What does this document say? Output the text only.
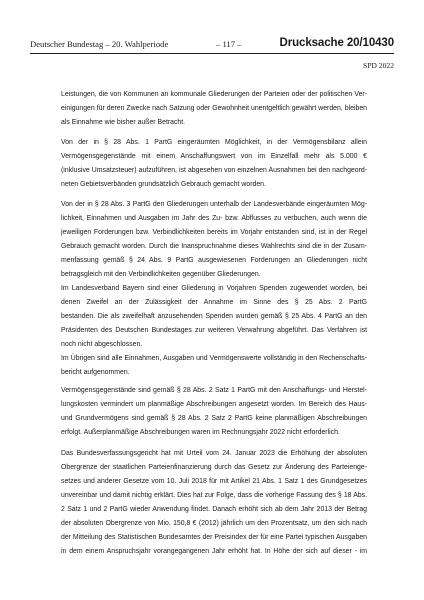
Deutscher Bundestag – 20. Wahlperiode	– 117 –	Drucksache 20/10430
SPD 2022
Leistungen, die von Kommunen an kommunale Gliederungen der Parteien oder der politischen Ver-
einigungen für deren Zwecke nach Satzung oder Gewohnheit unentgeltlich gewährt werden, bleiben
als Einnahme wie bisher außer Betracht.
Von der in § 28 Abs. 1 PartG eingeräumten Möglichkeit, in der Vermögensbilanz allein
Vermögensgegenstände mit einem Anschaffungswert von im Einzelfall mehr als 5.000 €
(inklusive Umsatzsteuer) aufzuführen, ist abgesehen von einzelnen Ausnahmen bei den nachgeord-
neten Gebietsverbänden grundsätzlich Gebrauch gemacht worden.
Von der in § 28 Abs. 3 PartG den Gliederungen unterhalb der Landesverbände eingeräumten Mög-
lichkeit, Einnahmen und Ausgaben im Jahr des Zu- bzw. Abflusses zu verbuchen, auch wenn die
jeweiligen Forderungen bzw. Verbindlichkeiten bereits im Vorjahr entstanden sind, ist in der Regel
Gebrauch gemacht worden. Durch die Inanspruchnahme dieses Wahlrechts sind die in der Zusam-
menfassung gemäß § 24 Abs. 9 PartG ausgewiesenen Forderungen an Gliederungen nicht
betragsgleich mit den Verbindlichkeiten gegenüber Gliederungen.
Im Landesverband Bayern sind einer Gliederung in Vorjahren Spenden zugewendet worden, bei
denen Zweifel an der Zulässigkeit der Annahme im Sinne des § 25 Abs. 2 PartG
bestanden. Die als zweifelhaft anzusehenden Spenden wurden gemäß § 25 Abs. 4 PartG an den
Präsidenten des Deutschen Bundestages zur weiteren Verwahrung abgeführt. Das Verfahren ist
noch nicht abgeschlossen.
Im Übrigen sind alle Einnahmen, Ausgaben und Vermögenswerte vollständig in den Rechenschafts-
bericht aufgenommen.
Vermögensgegenstände sind gemäß § 28 Abs. 2 Satz 1 PartG mit den Anschaffungs- und Herstel-
lungskosten vermindert um planmäßige Abschreibungen angesetzt worden. Im Bereich des Haus-
und Grundvermögens sind gemäß § 28 Abs. 2 Satz 2 PartG keine planmäßigen Abschreibungen
erfolgt. Außerplanmäßige Abschreibungen waren im Rechnungsjahr 2022 nicht erforderlich.
Das Bundesverfassungsgericht hat mit Urteil vom 24. Januar 2023 die Erhöhung der absoluten
Obergrenze der staatlichen Parteienfinanzierung durch das Gesetz zur Änderung des Parteienge-
setzes und anderer Gesetze vom 10. Juli 2018 für mit Artikel 21 Abs. 1 Satz 1 des Grundgesetzes
unvereinbar und damit nichtig erklärt. Dies hat zur Folge, dass die vorherige Fassung des § 18 Abs.
2 Satz 1 und 2 PartG wieder Anwendung findet. Danach erhöht sich ab dem Jahr 2013 der Betrag
der absoluten Obergrenze von Mio. 150,8 € (2012) jährlich um den Prozentsatz, um den sich nach
der Mitteilung des Statistischen Bundesamtes der Preisindex der für eine Partei typischen Ausgaben
in dem einem Anspruchsjahr vorangegangenen Jahr erhöht hat. In Höhe der sich auf dieser - im
